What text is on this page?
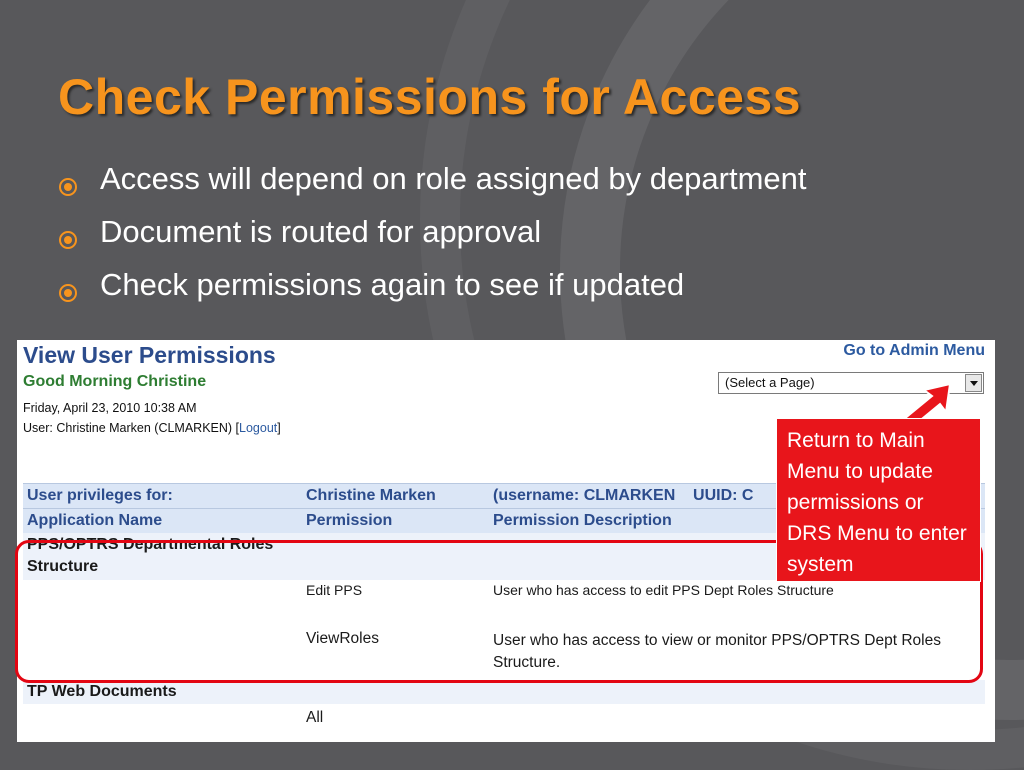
Check Permissions for Access
Access will depend on role assigned by department
Document is routed for approval
Check permissions again to see if updated
View User Permissions	Go to Admin Menu
Good Morning Christine
Friday, April 23, 2010 10:38 AM
User: Christine Marken (CLMARKEN) [Logout]
(Select a Page)
User privileges for:	Christine Marken	(username: CLMARKEN    UUID: C
Application Name	Permission	Permission Description
PPS/OPTRS Departmental Roles Structure		
	Edit PPS	User who has access to edit PPS Dept Roles Structure
	ViewRoles	User who has access to view or monitor PPS/OPTRS Dept Roles Structure.
TP Web Documents		
	All	
Return to Main Menu to update permissions or DRS Menu to enter system
